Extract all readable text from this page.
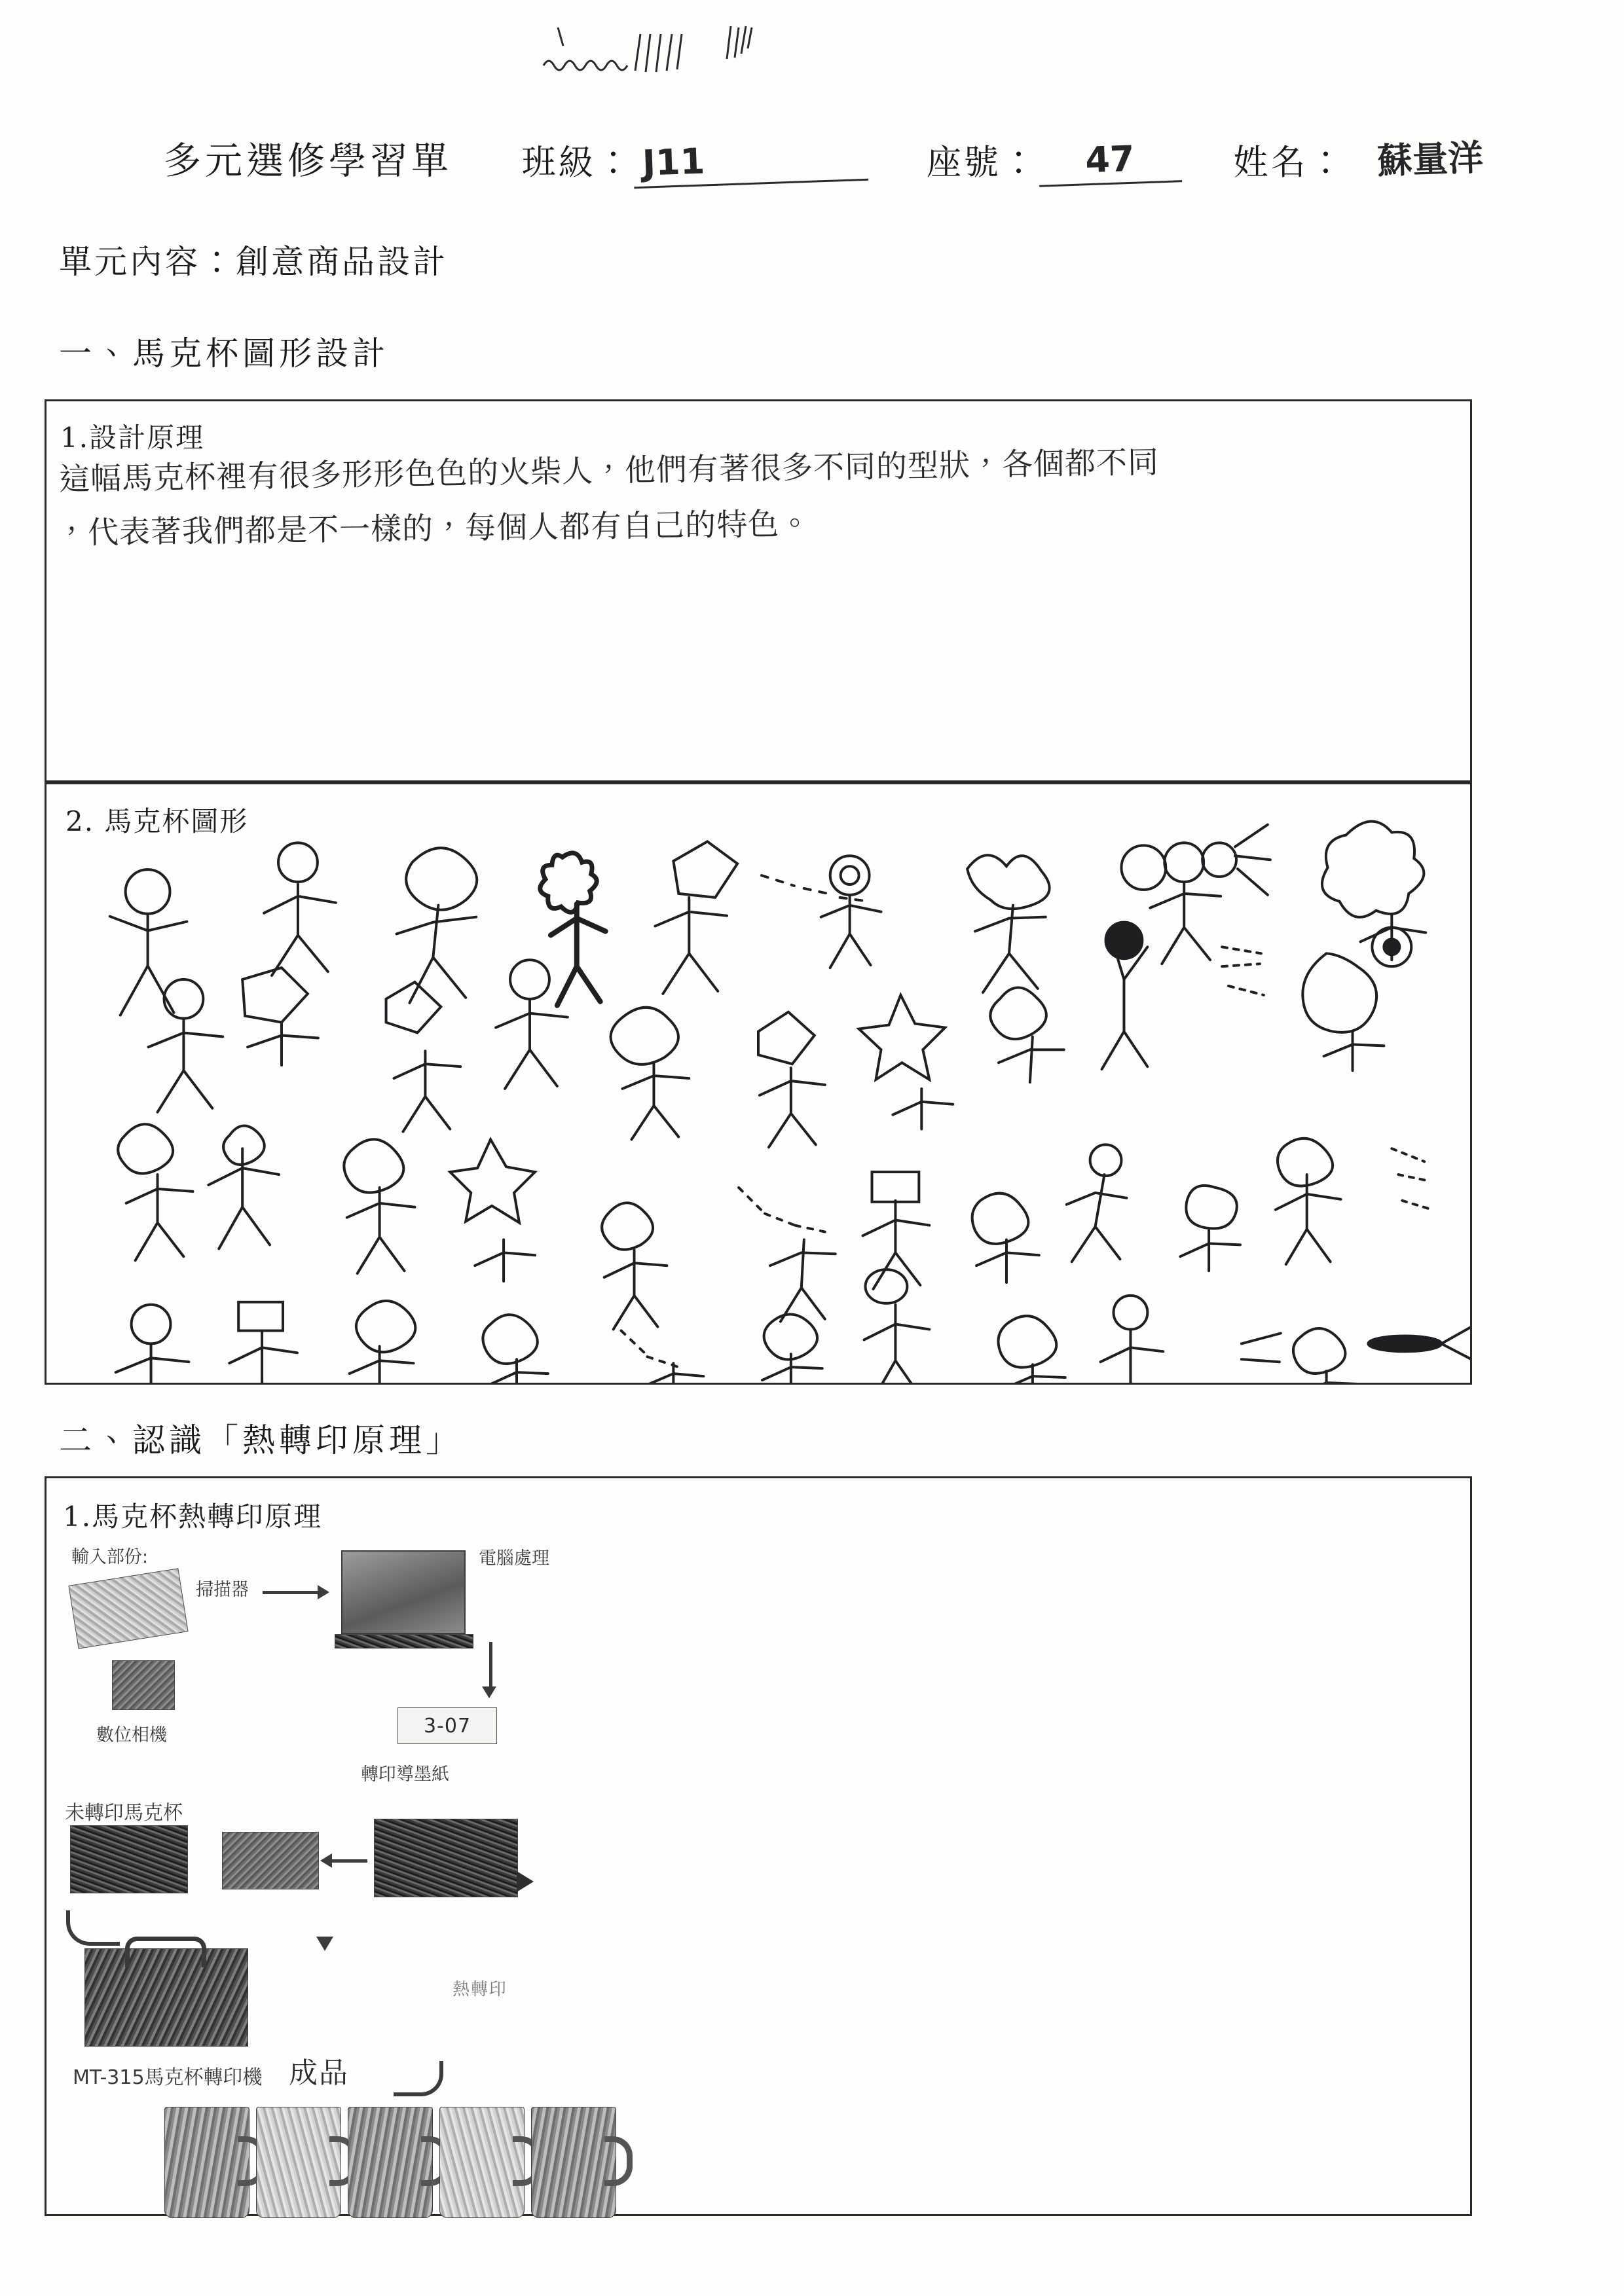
多元選修學習單 班級： J11	座號：	47	姓名： 蘇量洋
單元內容：創意商品設計
一、馬克杯圖形設計
1.設計原理
這幅馬克杯裡有很多形形色色的火柴人，他們有著很多不同的型狀，各個都不同
，代表著我們都是不一樣的，每個人都有自己的特色。
2. 馬克杯圖形
二、認識「熱轉印原理」
輸入部份:
掃描器
數位相機
電腦處理
3-07
轉印導墨紙
未轉印馬克杯
MT-315馬克杯轉印機
熱轉印
成品
1.馬克杯熱轉印原理
